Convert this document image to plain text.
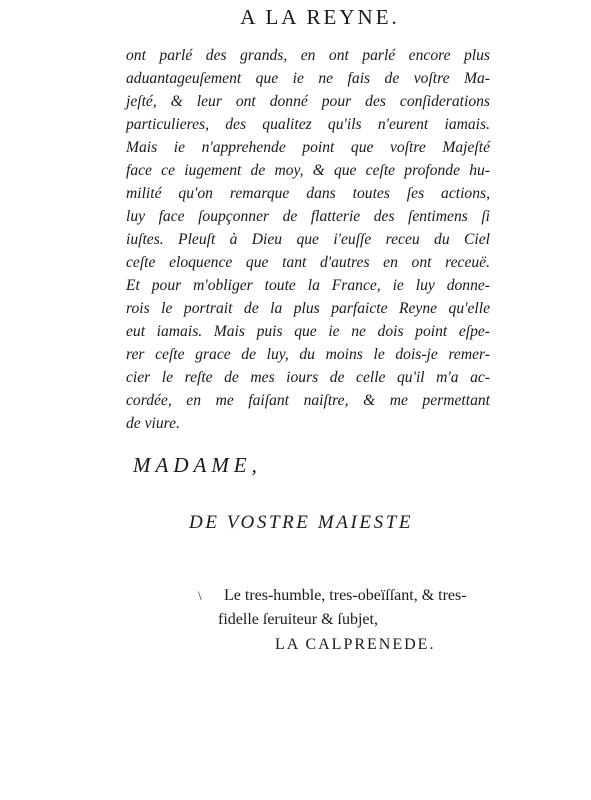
A LA REYNE.
ont parlé des grands, en ont parlé encore plus
aduantageuſement que ie ne fais de voſtre Ma-
jeſté, & leur ont donné pour des conſiderations
particulieres, des qualitez qu'ils n'eurent iamais.
Mais ie n'apprehende point que voſtre Majeſté
face ce iugement de moy, & que ceſte profonde hu-
milité qu'on remarque dans toutes ſes actions,
luy face ſoupçonner de flatterie des ſentimens ſi
iuſtes. Pleuſt à Dieu que i'euſſe receu du Ciel
ceſte eloquence que tant d'autres en ont receuë.
Et pour m'obliger toute la France, ie luy donne-
rois le portrait de la plus parfaicte Reyne qu'elle
eut iamais. Mais puis que ie ne dois point eſpe-
rer ceſte grace de luy, du moins le dois-je remer-
cier le reſte de mes iours de celle qu'il m'a ac-
cordée, en me faiſant naiſtre, & me permettant
de viure.
MADAME,
DE VOSTRE MAIESTE
\	Le tres-humble, tres-obeïſſant, & tres-
fidelle ſeruiteur & ſubjet,
LA CALPRENEDE.
